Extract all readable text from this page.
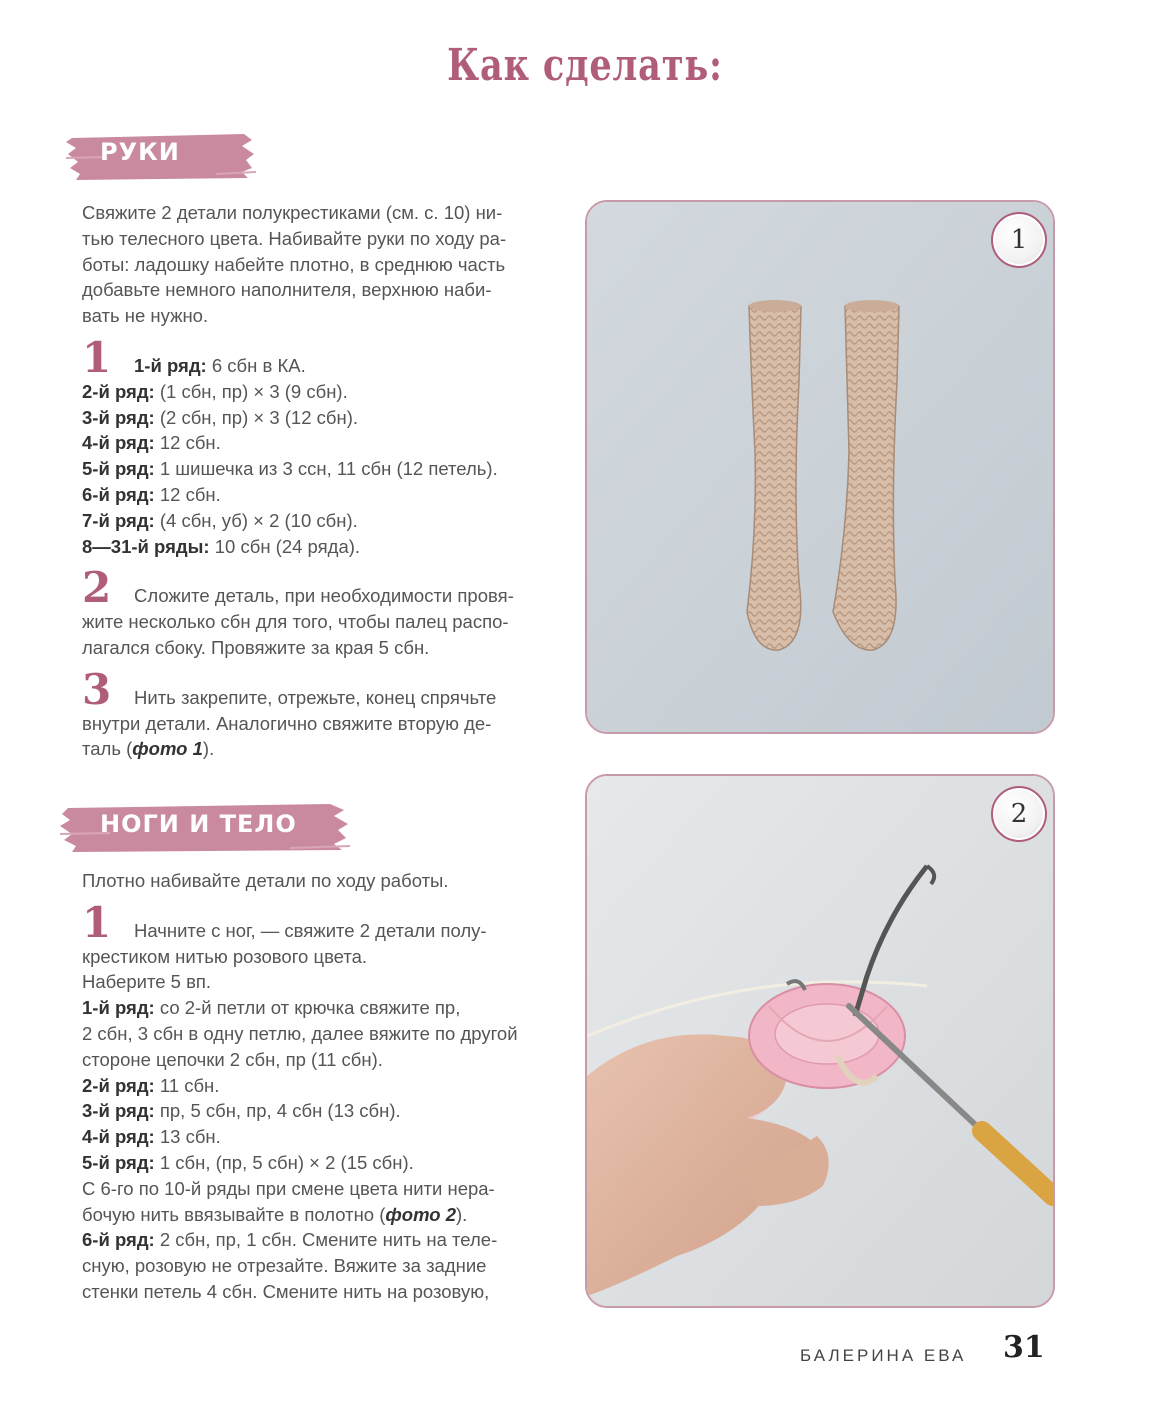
Как сделать:
РУКИ

Свяжите 2 детали полукрестиками (см. с. 10) ни-

тью телесного цвета. Набивайте руки по ходу ра-

боты: ладошку набейте плотно, в среднюю часть

добавьте немного наполнителя, верхнюю наби-

вать не нужно.

1 1-й ряд: 6 сбн в КА.

2-й ряд: (1 сбн, пр) × 3 (9 сбн).

3-й ряд: (2 сбн, пр) × 3 (12 сбн).

4-й ряд: 12 сбн.

5-й ряд: 1 шишечка из 3 ссн, 11 сбн (12 петель).

6-й ряд: 12 сбн.

7-й ряд: (4 сбн, уб) × 2 (10 сбн).

8—31-й ряды: 10 сбн (24 ряда).

2 Сложите деталь, при необходимости провя-

жите несколько сбн для того, чтобы палец распо-

лагался сбоку. Провяжите за края 5 сбн.

3 Нить закрепите, отрежьте, конец спрячьте

внутри детали. Аналогично свяжите вторую де-

таль (фото 1).

НОГИ И ТЕЛО

Плотно набивайте детали по ходу работы.

1 Начните с ног, — свяжите 2 детали полу-

крестиком нитью розового цвета.

Наберите 5 вп.

1-й ряд: со 2-й петли от крючка свяжите пр,

2 сбн, 3 сбн в одну петлю, далее вяжите по другой

стороне цепочки 2 сбн, пр (11 сбн).

2-й ряд: 11 сбн.

3-й ряд: пр, 5 сбн, пр, 4 сбн (13 сбн).

4-й ряд: 13 сбн.

5-й ряд: 1 сбн, (пр, 5 сбн) × 2 (15 сбн).

С 6-го по 10-й ряды при смене цвета нити нера-

бочую нить ввязывайте в полотно (фото 2).

6-й ряд: 2 сбн, пр, 1 сбн. Смените нить на теле-

сную, розовую не отрезайте. Вяжите за задние

стенки петель 4 сбн. Смените нить на розовую,

1
2
БАЛЕРИНА ЕВА 31
